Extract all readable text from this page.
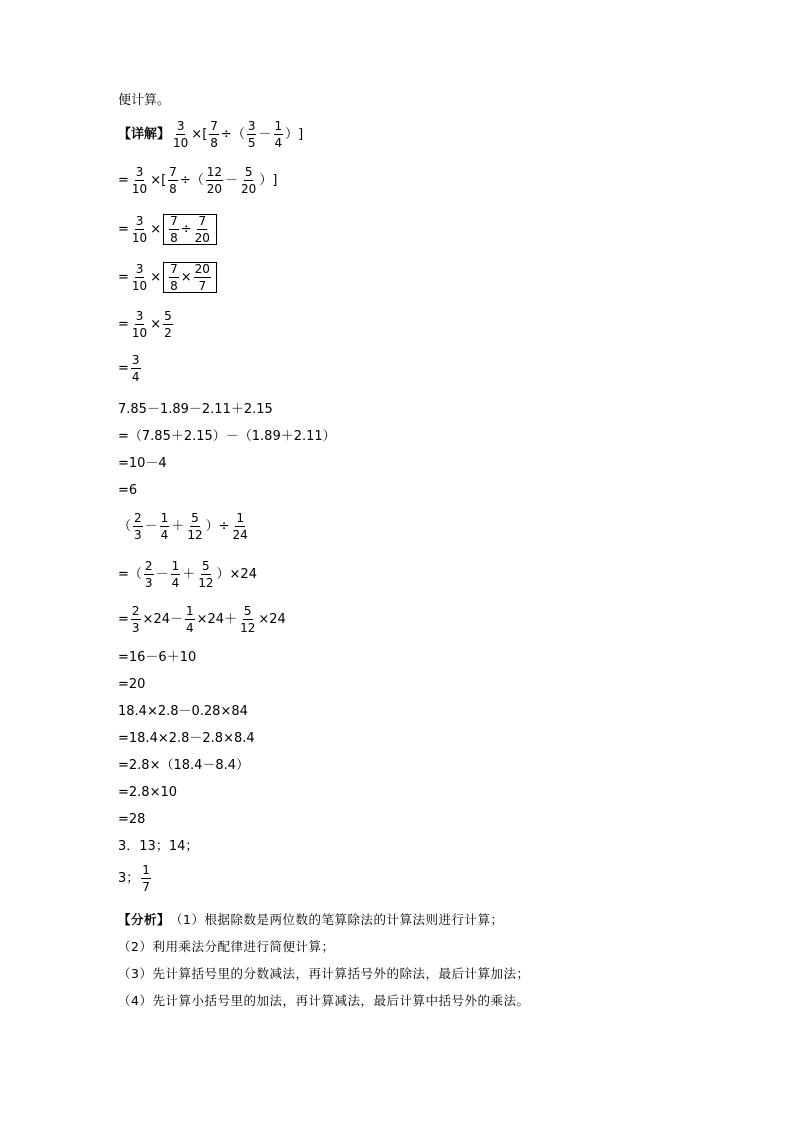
便计算。
【详解】 $\frac{3}{10}$ × [ $\frac{7}{8}$ ÷ （ $\frac{3}{5} - \frac{1}{4}$ ） ]
= $\frac{3}{10}$ × [ $\frac{7}{8}$ ÷ （ $\frac{12}{20} - \frac{5}{20}$ ） ]
= $\frac{3}{10} \times \frac{7}{8} \div \frac{7}{20}$
= $\frac{3}{10} \times \frac{7}{8} \times \frac{20}{7}$
= $\frac{3}{10} \times \frac{5}{2}$
= $\frac{3}{4}$
7.85－1.89－2.11＋2.15
=（7.85＋2.15）－（1.89＋2.11）
=10－4
=6
（ $\frac{2}{3} - \frac{1}{4} + \frac{5}{12}$ ） ÷ $\frac{1}{24}$
= （ $\frac{2}{3} - \frac{1}{4} + \frac{5}{12}$ ） ×24
= $\frac{2}{3} \times 24 - \frac{1}{4} \times 24 + \frac{5}{12} \times 24$
=16－6＋10
=20
18.4×2.8－0.28×84
=18.4×2.8－2.8×8.4
=2.8×（18.4－8.4）
=2.8×10
=28
3．13；14；
3； $\frac{1}{7}$
【分析】 （1）根据除数是两位数的笔算除法的计算法则进行计算；
（2）利用乘法分配律进行简便计算；
（3）先计算括号里的分数减法，再计算括号外的除法，最后计算加法；
（4）先计算小括号里的加法，再计算减法，最后计算中括号外的乘法。
